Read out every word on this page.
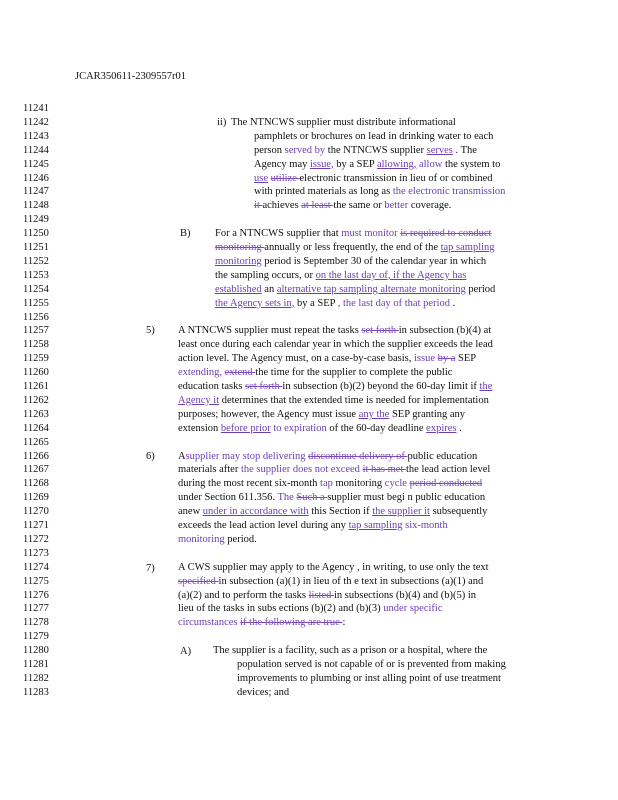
JCAR350611-2309557r01
11241
11242
11243
11244
11245
11246
11247
11248
11249
11250
11251
11252
11253
11254
11255
11256
11257
11258
11259
11260
11261
11262
11263
11264
11265
11266
11267
11268
11269
11270
11271
11272
11273
11274
11275
11276
11277
11278
11279
11280
11281
11282
11283
ii)
B)
5)
6)
7)
A)
The NTNCWS supplier must distribute informational
pamphlets or brochures on lead in drinking water to each
person served by the NTNCWS supplier serves . The
Agency may issue, by a SEP allowing, allow the system to
use utilize electronic transmission in lieu of or combined
with printed materials as long as the electronic transmission
it achieves at least the same or better coverage.
For a NTNCWS supplier that must monitor is required to conduct
monitoring annually or less frequently, the end of the tap sampling
monitoring period is September 30 of the calendar year in which
the sampling occurs, or on the last day of, if the Agency has
established an alternative tap sampling alternate monitoring period
the Agency sets in, by a SEP , the last day of that period .
A NTNCWS supplier must repeat the tasks set forth in subsection (b)(4) at
least once during each calendar year in which the supplier exceeds the lead
action level. The Agency must, on a case-by-case basis, issue by a SEP
extending, extend the time for the supplier to complete the public
education tasks set forth in subsection (b)(2) beyond the 60-day limit if the
Agency it determines that the extended time is needed for implementation
purposes; however, the Agency must issue any the SEP granting any
extension before prior to expiration of the 60-day deadline expires .
Asupplier may stop delivering discontinue delivery of public education
materials after the supplier does not exceed it has met the lead action level
during the most recent six-month tap monitoring cycle period conducted
under Section 611.356. The Such a supplier must begi n public education
anew under in accordance with this Section if the supplier it subsequently
exceeds the lead action level during any tap sampling six-month
monitoring period.
A CWS supplier may apply to the Agency , in writing, to use only the text
specified in subsection (a)(1) in lieu of th e text in subsections (a)(1) and
(a)(2) and to perform the tasks listed in subsections (b)(4) and (b)(5) in
lieu of the tasks in subs ections (b)(2) and (b)(3) under specific
circumstances if the following are true :
The supplier is a facility, such as a prison or a hospital, where the
population served is not capable of or is prevented from making
improvements to plumbing or inst alling point of use treatment
devices; and
